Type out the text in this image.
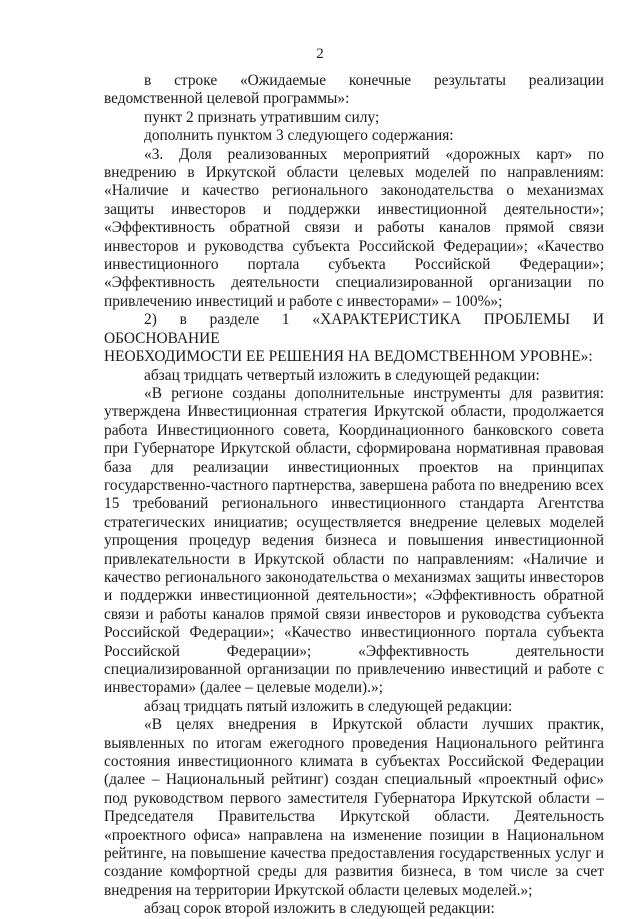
2

в строке «Ожидаемые конечные результаты реализации ведомственной целевой программы»:

пункт 2 признать утратившим силу;

дополнить пунктом 3 следующего содержания:

«3. Доля реализованных мероприятий «дорожных карт» по внедрению в Иркутской области целевых моделей по направлениям: «Наличие и качество регионального законодательства о механизмах защиты инвесторов и поддержки инвестиционной деятельности»; «Эффективность обратной связи и работы каналов прямой связи инвесторов и руководства субъекта Российской Федерации»; «Качество инвестиционного портала субъекта Российской Федерации»; «Эффективность деятельности специализированной организации по привлечению инвестиций и работе с инвесторами» – 100%»;

2) в разделе 1 «ХАРАКТЕРИСТИКА ПРОБЛЕМЫ И ОБОСНОВАНИЕ

НЕОБХОДИМОСТИ ЕЕ РЕШЕНИЯ НА ВЕДОМСТВЕННОМ УРОВНЕ»:

абзац тридцать четвертый изложить в следующей редакции:

«В регионе созданы дополнительные инструменты для развития: утверждена Инвестиционная стратегия Иркутской области, продолжается работа Инвестиционного совета, Координационного банковского совета при Губернаторе Иркутской области, сформирована нормативная правовая база для реализации инвестиционных проектов на принципах государственно-частного партнерства, завершена работа по внедрению всех 15 требований регионального инвестиционного стандарта Агентства стратегических инициатив; осуществляется внедрение целевых моделей упрощения процедур ведения бизнеса и повышения инвестиционной привлекательности в Иркутской области по направлениям: «Наличие и качество регионального законодательства о механизмах защиты инвесторов и поддержки инвестиционной деятельности»; «Эффективность обратной связи и работы каналов прямой связи инвесторов и руководства субъекта Российской Федерации»; «Качество инвестиционного портала субъекта Российской Федерации»; «Эффективность деятельности специализированной организации по привлечению инвестиций и работе с инвесторами» (далее – целевые модели).»;

абзац тридцать пятый изложить в следующей редакции:

«В целях внедрения в Иркутской области лучших практик, выявленных по итогам ежегодного проведения Национального рейтинга состояния инвестиционного климата в субъектах Российской Федерации (далее – Национальный рейтинг) создан специальный «проектный офис» под руководством первого заместителя Губернатора Иркутской области – Председателя Правительства Иркутской области. Деятельность «проектного офиса» направлена на изменение позиции в Национальном рейтинге, на повышение качества предоставления государственных услуг и создание комфортной среды для развития бизнеса, в том числе за счет внедрения на территории Иркутской области целевых моделей.»;

абзац сорок второй изложить в следующей редакции:
